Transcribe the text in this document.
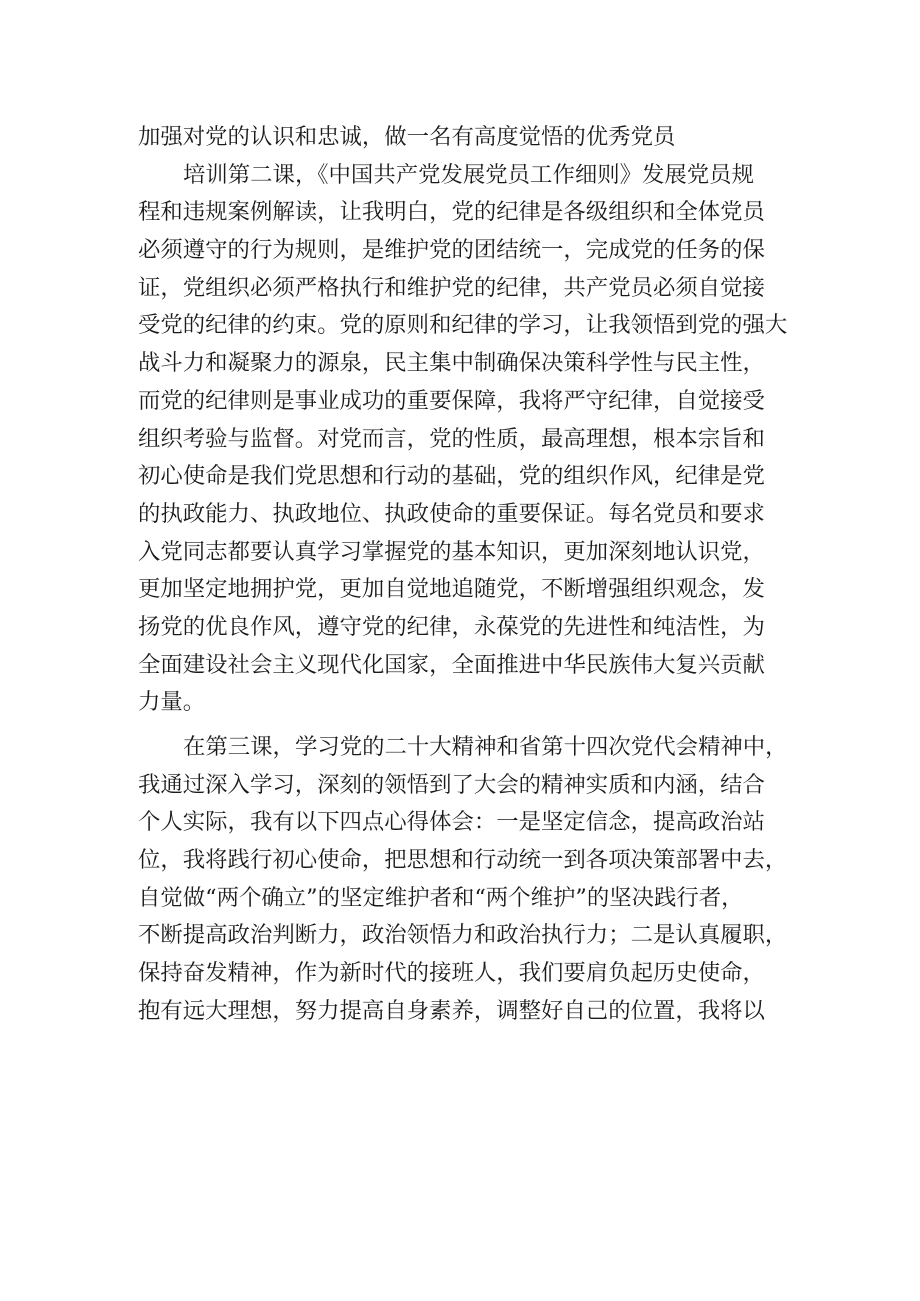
加强对党的认识和忠诚，做一名有高度觉悟的优秀党员
培训第二课，《中国共产党发展党员工作细则》发展党员规
程和违规案例解读，让我明白，党的纪律是各级组织和全体党员
必须遵守的行为规则，是维护党的团结统一，完成党的任务的保
证，党组织必须严格执行和维护党的纪律，共产党员必须自觉接
受党的纪律的约束。党的原则和纪律的学习，让我领悟到党的强大
战斗力和凝聚力的源泉，民主集中制确保决策科学性与民主性，
而党的纪律则是事业成功的重要保障，我将严守纪律，自觉接受
组织考验与监督。对党而言，党的性质，最高理想，根本宗旨和
初心使命是我们党思想和行动的基础，党的组织作风，纪律是党
的执政能力、执政地位、执政使命的重要保证。每名党员和要求
入党同志都要认真学习掌握党的基本知识，更加深刻地认识党，
更加坚定地拥护党，更加自觉地追随党，不断增强组织观念，发
扬党的优良作风，遵守党的纪律，永葆党的先进性和纯洁性，为
全面建设社会主义现代化国家，全面推进中华民族伟大复兴贡献
力量。
在第三课，学习党的二十大精神和省第十四次党代会精神中，
我通过深入学习，深刻的领悟到了大会的精神实质和内涵，结合
个人实际，我有以下四点心得体会：一是坚定信念，提高政治站
位，我将践行初心使命，把思想和行动统一到各项决策部署中去，
自觉做“两个确立”的坚定维护者和“两个维护”的坚决践行者，
不断提高政治判断力，政治领悟力和政治执行力；二是认真履职，
保持奋发精神，作为新时代的接班人，我们要肩负起历史使命，
抱有远大理想，努力提高自身素养，调整好自己的位置，我将以
